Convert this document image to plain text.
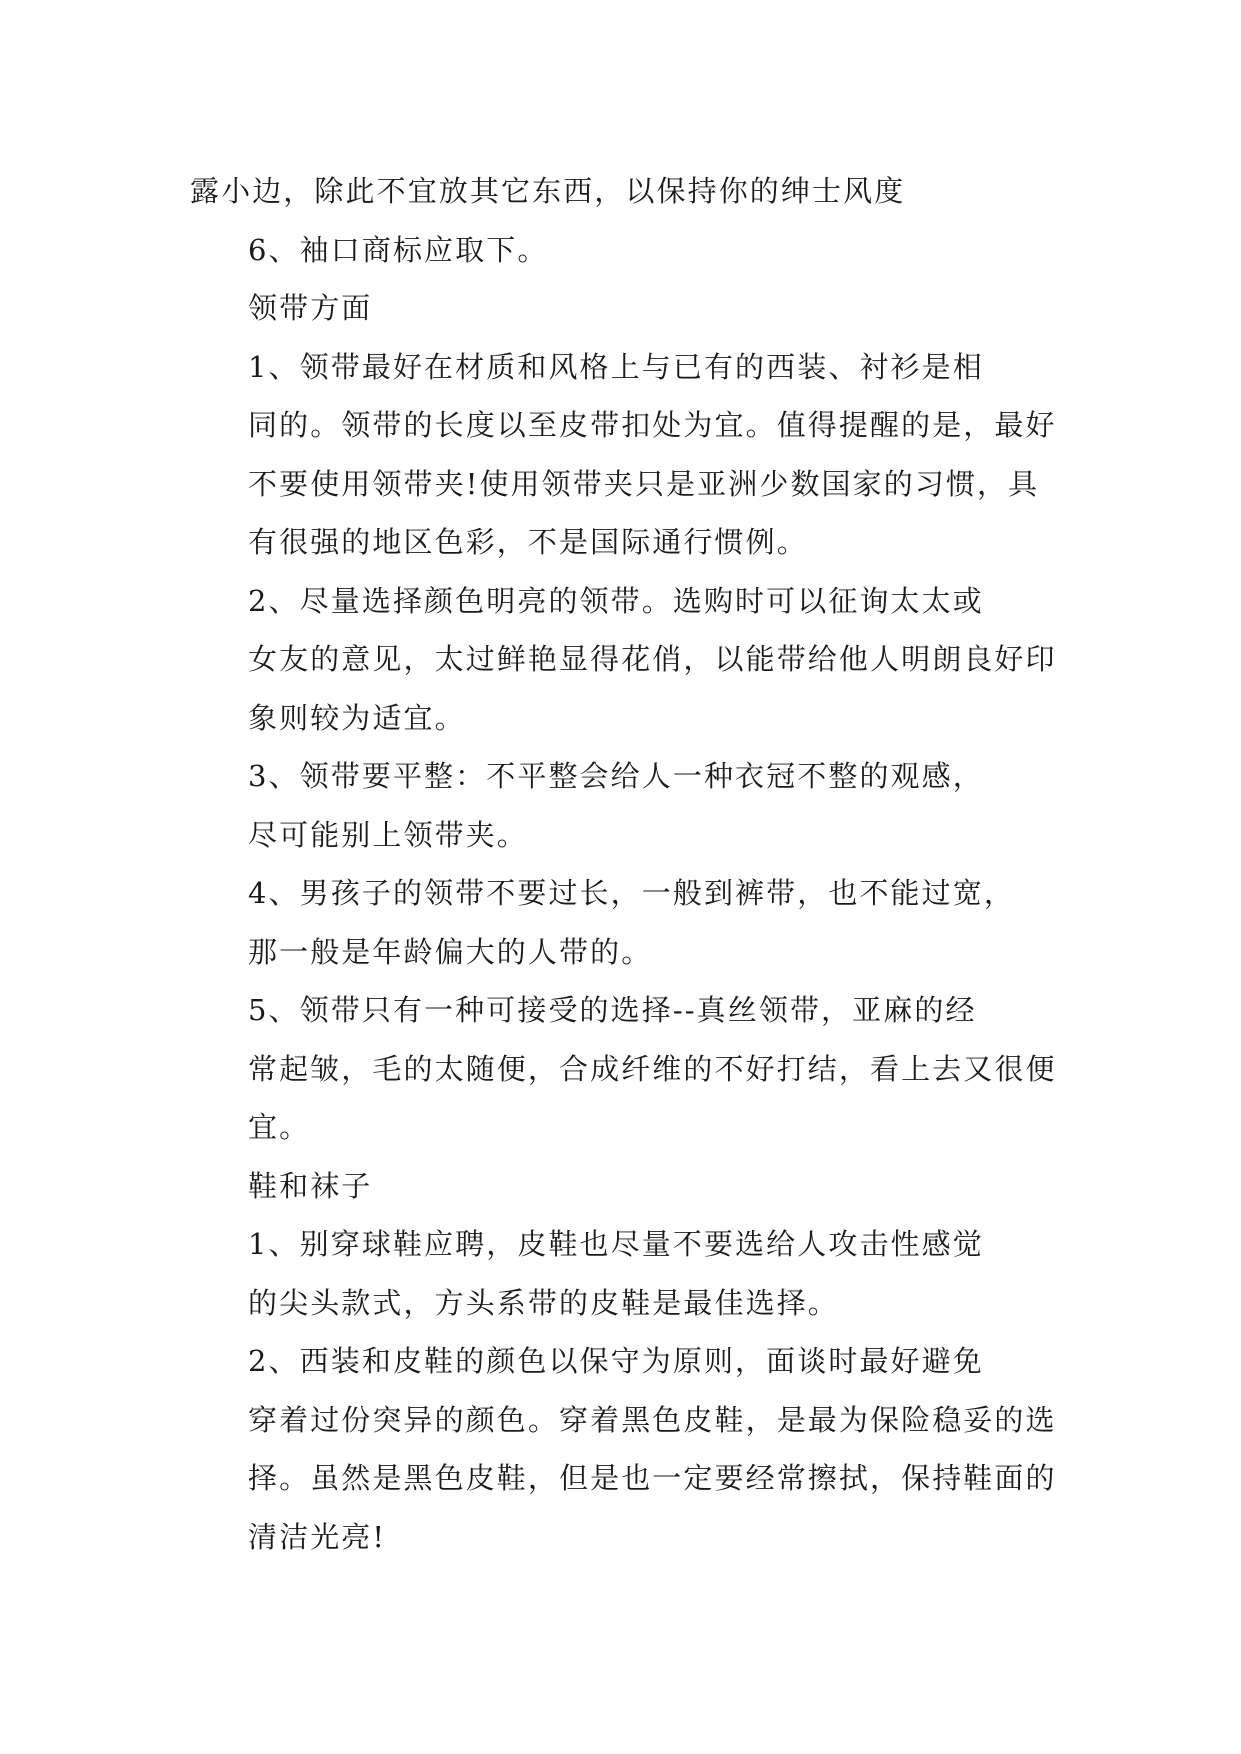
露小边，除此不宜放其它东西，以保持你的绅士风度

6、袖口商标应取下。

领带方面

1、领带最好在材质和风格上与已有的西装、衬衫是相
同的。领带的长度以至皮带扣处为宜。值得提醒的是，最好
不要使用领带夹!使用领带夹只是亚洲少数国家的习惯，具
有很强的地区色彩，不是国际通行惯例。

2、尽量选择颜色明亮的领带。选购时可以征询太太或
女友的意见，太过鲜艳显得花俏，以能带给他人明朗良好印
象则较为适宜。

3、领带要平整：不平整会给人一种衣冠不整的观感，
尽可能别上领带夹。

4、男孩子的领带不要过长，一般到裤带，也不能过宽，
那一般是年龄偏大的人带的。

5、领带只有一种可接受的选择--真丝领带，亚麻的经
常起皱，毛的太随便，合成纤维的不好打结，看上去又很便
宜。

鞋和袜子

1、别穿球鞋应聘，皮鞋也尽量不要选给人攻击性感觉
的尖头款式，方头系带的皮鞋是最佳选择。

2、西装和皮鞋的颜色以保守为原则，面谈时最好避免
穿着过份突异的颜色。穿着黑色皮鞋，是最为保险稳妥的选
择。虽然是黑色皮鞋，但是也一定要经常擦拭，保持鞋面的
清洁光亮!
